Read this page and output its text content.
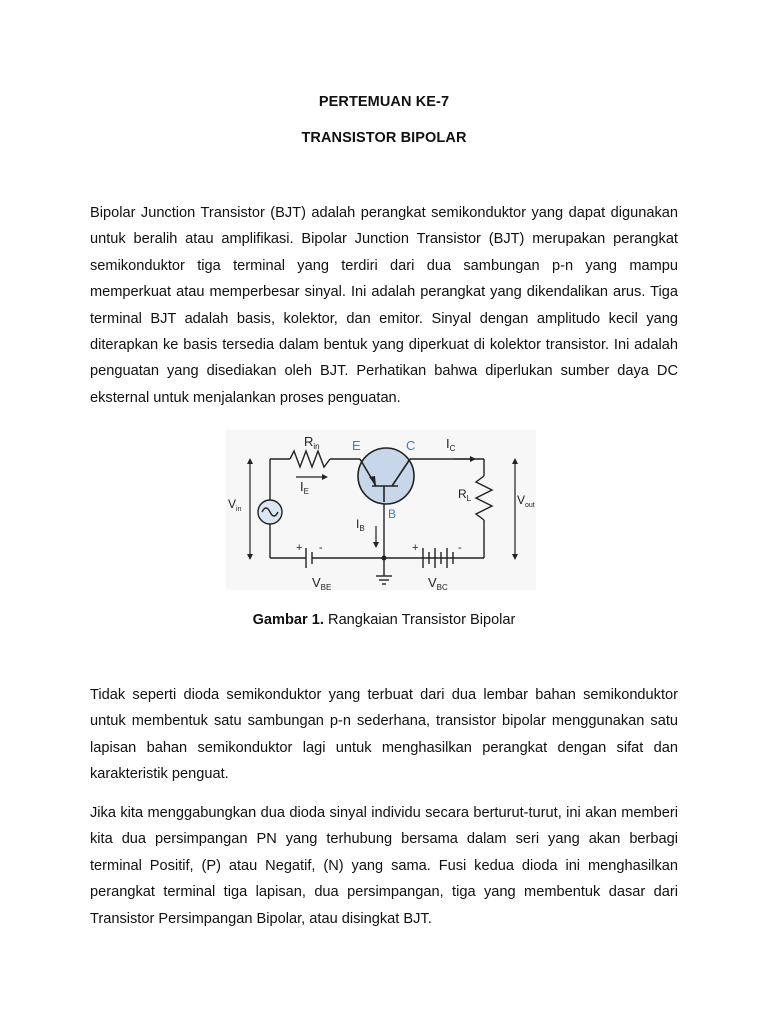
PERTEMUAN KE-7
TRANSISTOR BIPOLAR

Bipolar Junction Transistor (BJT) adalah perangkat semikonduktor yang dapat digunakan untuk beralih atau amplifikasi. Bipolar Junction Transistor (BJT) merupakan perangkat semikonduktor tiga terminal yang terdiri dari dua sambungan p-n yang mampu memperkuat atau memperbesar sinyal. Ini adalah perangkat yang dikendalikan arus. Tiga terminal BJT adalah basis, kolektor, dan emitor. Sinyal dengan amplitudo kecil yang diterapkan ke basis tersedia dalam bentuk yang diperkuat di kolektor transistor. Ini adalah penguatan yang disediakan oleh BJT. Perhatikan bahwa diperlukan sumber daya DC eksternal untuk menjalankan proses penguatan.

$R_{in}$ E	C $I_C$
$I_E$
$I_B$
B
$R_L$
$V_{in}$
$V_{out}$
$V_{BE}$	$V_{BC}$
+ -	+	-
Gambar 1. Rangkaian Transistor Bipolar

Tidak seperti dioda semikonduktor yang terbuat dari dua lembar bahan semikonduktor untuk membentuk satu sambungan p-n sederhana, transistor bipolar menggunakan satu lapisan bahan semikonduktor lagi untuk menghasilkan perangkat dengan sifat dan karakteristik penguat.

Jika kita menggabungkan dua dioda sinyal individu secara berturut-turut, ini akan memberi kita dua persimpangan PN yang terhubung bersama dalam seri yang akan berbagi terminal Positif, (P) atau Negatif, (N) yang sama. Fusi kedua dioda ini menghasilkan perangkat terminal tiga lapisan, dua persimpangan, tiga yang membentuk dasar dari Transistor Persimpangan Bipolar, atau disingkat BJT.
